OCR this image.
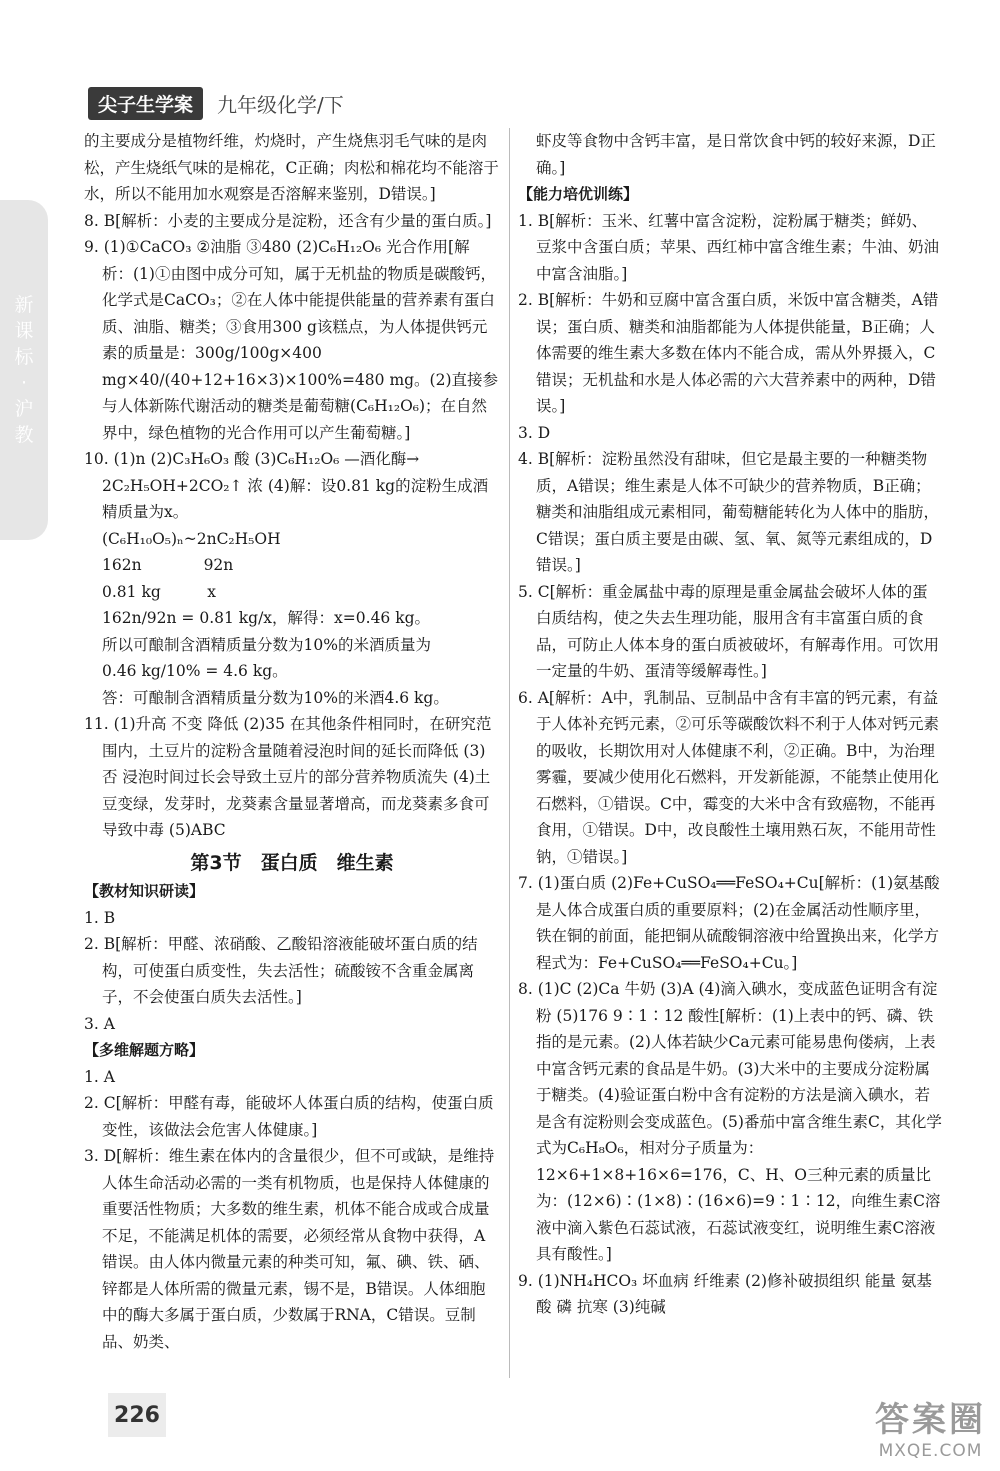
尖子生学案	九年级化学/下
新
课
标
·
沪
教

的主要成分是植物纤维，灼烧时，产生烧焦羽毛气味的是肉松，产生烧纸气味的是棉花，C正确；肉松和棉花均不能溶于水，所以不能用加水观察是否溶解来鉴别，D错误。]

8. B[解析：小麦的主要成分是淀粉，还含有少量的蛋白质。]

9. (1)①CaCO₃ ②油脂 ③480 (2)C₆H₁₂O₆ 光合作用[解析：(1)①由图中成分可知，属于无机盐的物质是碳酸钙，化学式是CaCO₃；②在人体中能提供能量的营养素有蛋白质、油脂、糖类；③食用300 g该糕点，为人体提供钙元素的质量是：300g/100g×400 mg×40/(40+12+16×3)×100%=480 mg。(2)直接参与人体新陈代谢活动的糖类是葡萄糖(C₆H₁₂O₆)；在自然界中，绿色植物的光合作用可以产生葡萄糖。]

10. (1)n (2)C₃H₆O₃ 酸 (3)C₆H₁₂O₆ —酒化酶→ 2C₂H₅OH+2CO₂↑ 浓 (4)解：设0.81 kg的淀粉生成酒精质量为x。

(C₆H₁₀O₅)ₙ~2nC₂H₅OH

162n　　　　92n

0.81 kg　　　x

162n/92n = 0.81 kg/x，解得：x=0.46 kg。

所以可酿制含酒精质量分数为10%的米酒质量为

0.46 kg/10% = 4.6 kg。

答：可酿制含酒精质量分数为10%的米酒4.6 kg。

11. (1)升高 不变 降低 (2)35 在其他条件相同时，在研究范围内，土豆片的淀粉含量随着浸泡时间的延长而降低 (3)否 浸泡时间过长会导致土豆片的部分营养物质流失 (4)土豆变绿，发芽时，龙葵素含量显著增高，而龙葵素多食可导致中毒 (5)ABC

第3节　蛋白质　维生素

【教材知识研读】

1. B

2. B[解析：甲醛、浓硝酸、乙酸铅溶液能破坏蛋白质的结构，可使蛋白质变性，失去活性；硫酸铵不含重金属离子，不会使蛋白质失去活性。]

3. A

【多维解题方略】

1. A

2. C[解析：甲醛有毒，能破坏人体蛋白质的结构，使蛋白质变性，该做法会危害人体健康。]

3. D[解析：维生素在体内的含量很少，但不可或缺，是维持人体生命活动必需的一类有机物质，也是保持人体健康的重要活性物质；大多数的维生素，机体不能合成或合成量不足，不能满足机体的需要，必须经常从食物中获得，A错误。由人体内微量元素的种类可知，氟、碘、铁、硒、锌都是人体所需的微量元素，锡不是，B错误。人体细胞中的酶大多属于蛋白质，少数属于RNA，C错误。豆制品、奶类、

虾皮等食物中含钙丰富，是日常饮食中钙的较好来源，D正确。]

【能力培优训练】

1. B[解析：玉米、红薯中富含淀粉，淀粉属于糖类；鲜奶、豆浆中含蛋白质；苹果、西红柿中富含维生素；牛油、奶油中富含油脂。]

2. B[解析：牛奶和豆腐中富含蛋白质，米饭中富含糖类，A错误；蛋白质、糖类和油脂都能为人体提供能量，B正确；人体需要的维生素大多数在体内不能合成，需从外界摄入，C错误；无机盐和水是人体必需的六大营养素中的两种，D错误。]

3. D

4. B[解析：淀粉虽然没有甜味，但它是最主要的一种糖类物质，A错误；维生素是人体不可缺少的营养物质，B正确；糖类和油脂组成元素相同，葡萄糖能转化为人体中的脂肪，C错误；蛋白质主要是由碳、氢、氧、氮等元素组成的，D错误。]

5. C[解析：重金属盐中毒的原理是重金属盐会破坏人体的蛋白质结构，使之失去生理功能，服用含有丰富蛋白质的食品，可防止人体本身的蛋白质被破坏，有解毒作用。可饮用一定量的牛奶、蛋清等缓解毒性。]

6. A[解析：A中，乳制品、豆制品中含有丰富的钙元素，有益于人体补充钙元素，②可乐等碳酸饮料不利于人体对钙元素的吸收，长期饮用对人体健康不利，②正确。B中，为治理雾霾，要减少使用化石燃料，开发新能源，不能禁止使用化石燃料，①错误。C中，霉变的大米中含有致癌物，不能再食用，①错误。D中，改良酸性土壤用熟石灰，不能用苛性钠，①错误。]

7. (1)蛋白质 (2)Fe+CuSO₄══FeSO₄+Cu[解析：(1)氨基酸是人体合成蛋白质的重要原料；(2)在金属活动性顺序里，铁在铜的前面，能把铜从硫酸铜溶液中给置换出来，化学方程式为：Fe+CuSO₄══FeSO₄+Cu。]

8. (1)C (2)Ca 牛奶 (3)A (4)滴入碘水，变成蓝色证明含有淀粉 (5)176 9∶1∶12 酸性[解析：(1)上表中的钙、磷、铁指的是元素。(2)人体若缺少Ca元素可能易患佝偻病，上表中富含钙元素的食品是牛奶。(3)大米中的主要成分淀粉属于糖类。(4)验证蛋白粉中含有淀粉的方法是滴入碘水，若是含有淀粉则会变成蓝色。(5)番茄中富含维生素C，其化学式为C₆H₈O₆，相对分子质量为：12×6+1×8+16×6=176，C、H、O三种元素的质量比为：(12×6)∶(1×8)∶(16×6)=9∶1∶12，向维生素C溶液中滴入紫色石蕊试液，石蕊试液变红，说明维生素C溶液具有酸性。]

9. (1)NH₄HCO₃ 坏血病 纤维素 (2)修补破损组织 能量 氨基酸 磷 抗寒 (3)纯碱

226	答案圈
MXQE.COM
